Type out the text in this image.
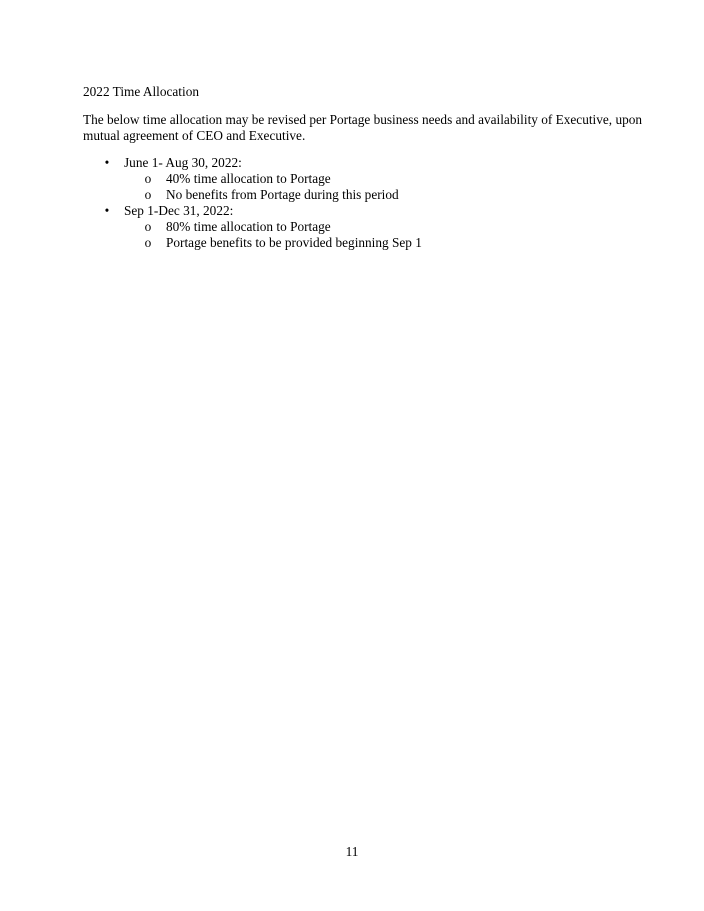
2022 Time Allocation
The below time allocation may be revised per Portage business needs and availability of Executive, upon mutual agreement of CEO and Executive.
• June 1- Aug 30, 2022:
o 40% time allocation to Portage
o No benefits from Portage during this period
• Sep 1-Dec 31, 2022:
o 80% time allocation to Portage
o Portage benefits to be provided beginning Sep 1
11
